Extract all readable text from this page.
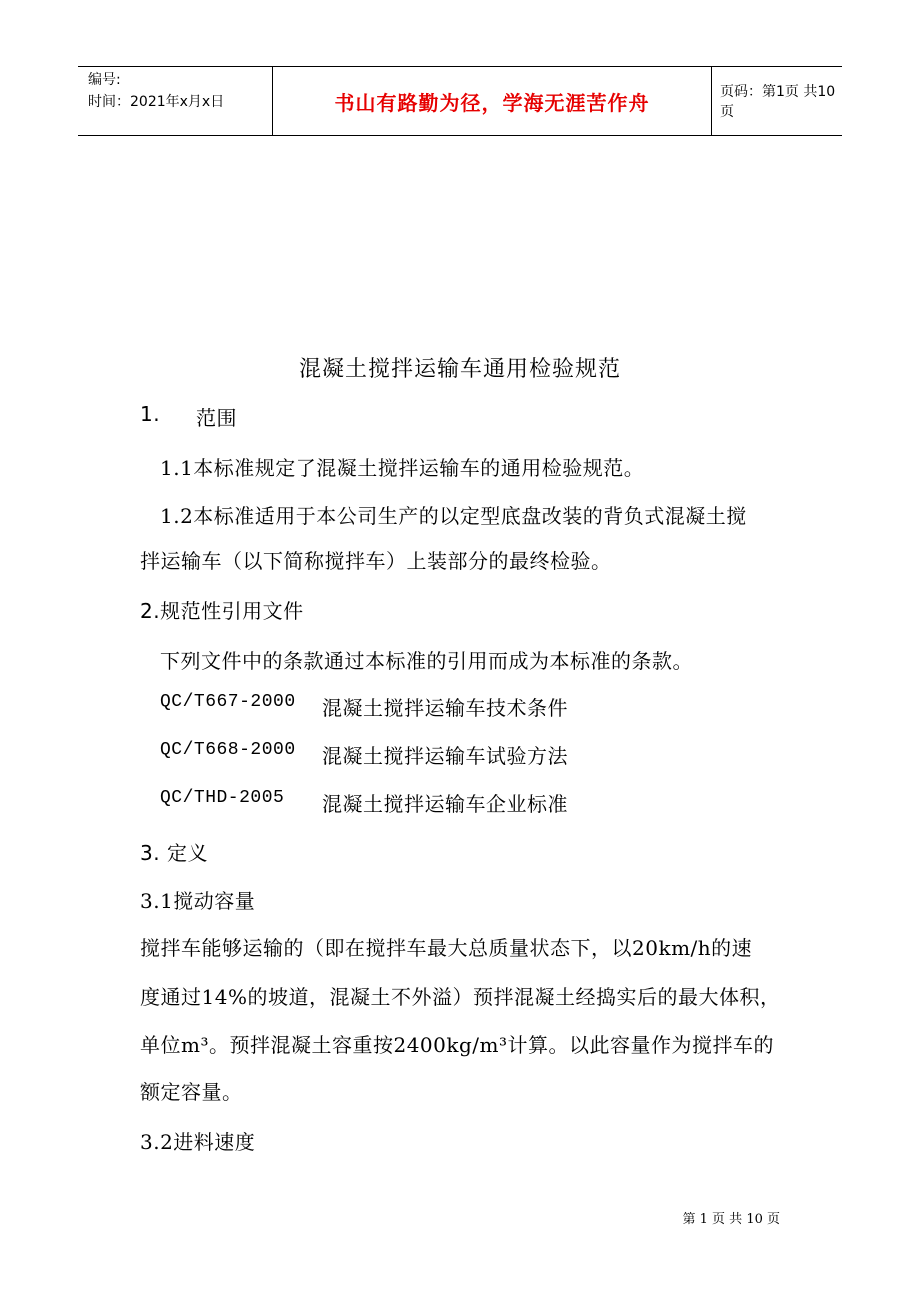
编号:
时间：2021年x月x日	书山有路勤为径，学海无涯苦作舟	页码：第1页 共10页
混凝土搅拌运输车通用检验规范
1. 范围
1.1本标准规定了混凝土搅拌运输车的通用检验规范。
1.2本标准适用于本公司生产的以定型底盘改装的背负式混凝土搅
拌运输车（以下简称搅拌车）上装部分的最终检验。
2.规范性引用文件
下列文件中的条款通过本标准的引用而成为本标准的条款。
QC/T667-2000 混凝土搅拌运输车技术条件
QC/T668-2000 混凝土搅拌运输车试验方法
QC/THD-2005 混凝土搅拌运输车企业标准
3. 定义
3.1搅动容量
搅拌车能够运输的（即在搅拌车最大总质量状态下，以20km/h的速
度通过14%的坡道，混凝土不外溢）预拌混凝土经捣实后的最大体积，
单位m³。预拌混凝土容重按2400kg/m³计算。以此容量作为搅拌车的
额定容量。
3.2进料速度
第 1 页 共 10 页
